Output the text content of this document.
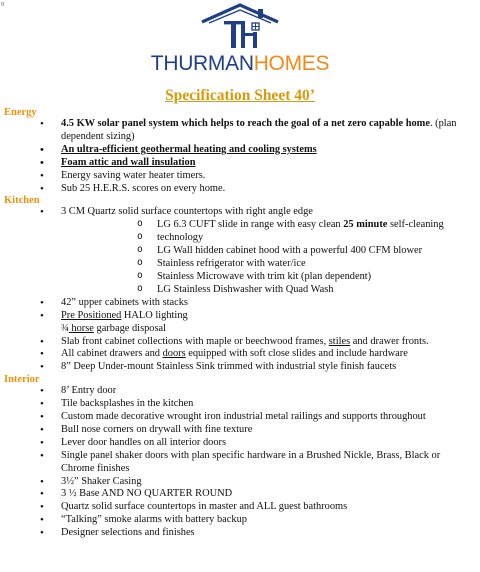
9
THURMANHOMES
Specification Sheet 40’
Energy
• 4.5 KW solar panel system which helps to reach the goal of a net zero capable home. (plan dependent sizing)
• An ultra-efficient geothermal heating and cooling systems
• Foam attic and wall insulation
• Energy saving water heater timers.
• Sub 25 H.E.R.S. scores on every home.
Kitchen
• 3 CM Quartz solid surface countertops with right angle edge
o LG 6.3 CUFT slide in range with easy clean 25 minute self-cleaning
o technology
o LG Wall hidden cabinet hood with a powerful 400 CFM blower
o Stainless refrigerator with water/ice
o Stainless Microwave with trim kit (plan dependent)
o LG Stainless Dishwasher with Quad Wash
• 42” upper cabinets with stacks
• Pre Positioned HALO lighting
¾ horse garbage disposal
• Slab front cabinet collections with maple or beechwood frames, stiles and drawer fronts.
• All cabinet drawers and doors equipped with soft close slides and include hardware
• 8” Deep Under-mount Stainless Sink trimmed with industrial style finish faucets
Interior
• 8’ Entry door
• Tile backsplashes in the kitchen
• Custom made decorative wrought iron industrial metal railings and supports throughout
• Bull nose corners on drywall with fine texture
• Lever door handles on all interior doors
• Single panel shaker doors with plan specific hardware in a Brushed Nickle, Brass, Black or Chrome finishes
• 3½” Shaker Casing
• 3 ½ Base AND NO QUARTER ROUND
• Quartz solid surface countertops in master and ALL guest bathrooms
• “Talking” smoke alarms with battery backup
• Designer selections and finishes
